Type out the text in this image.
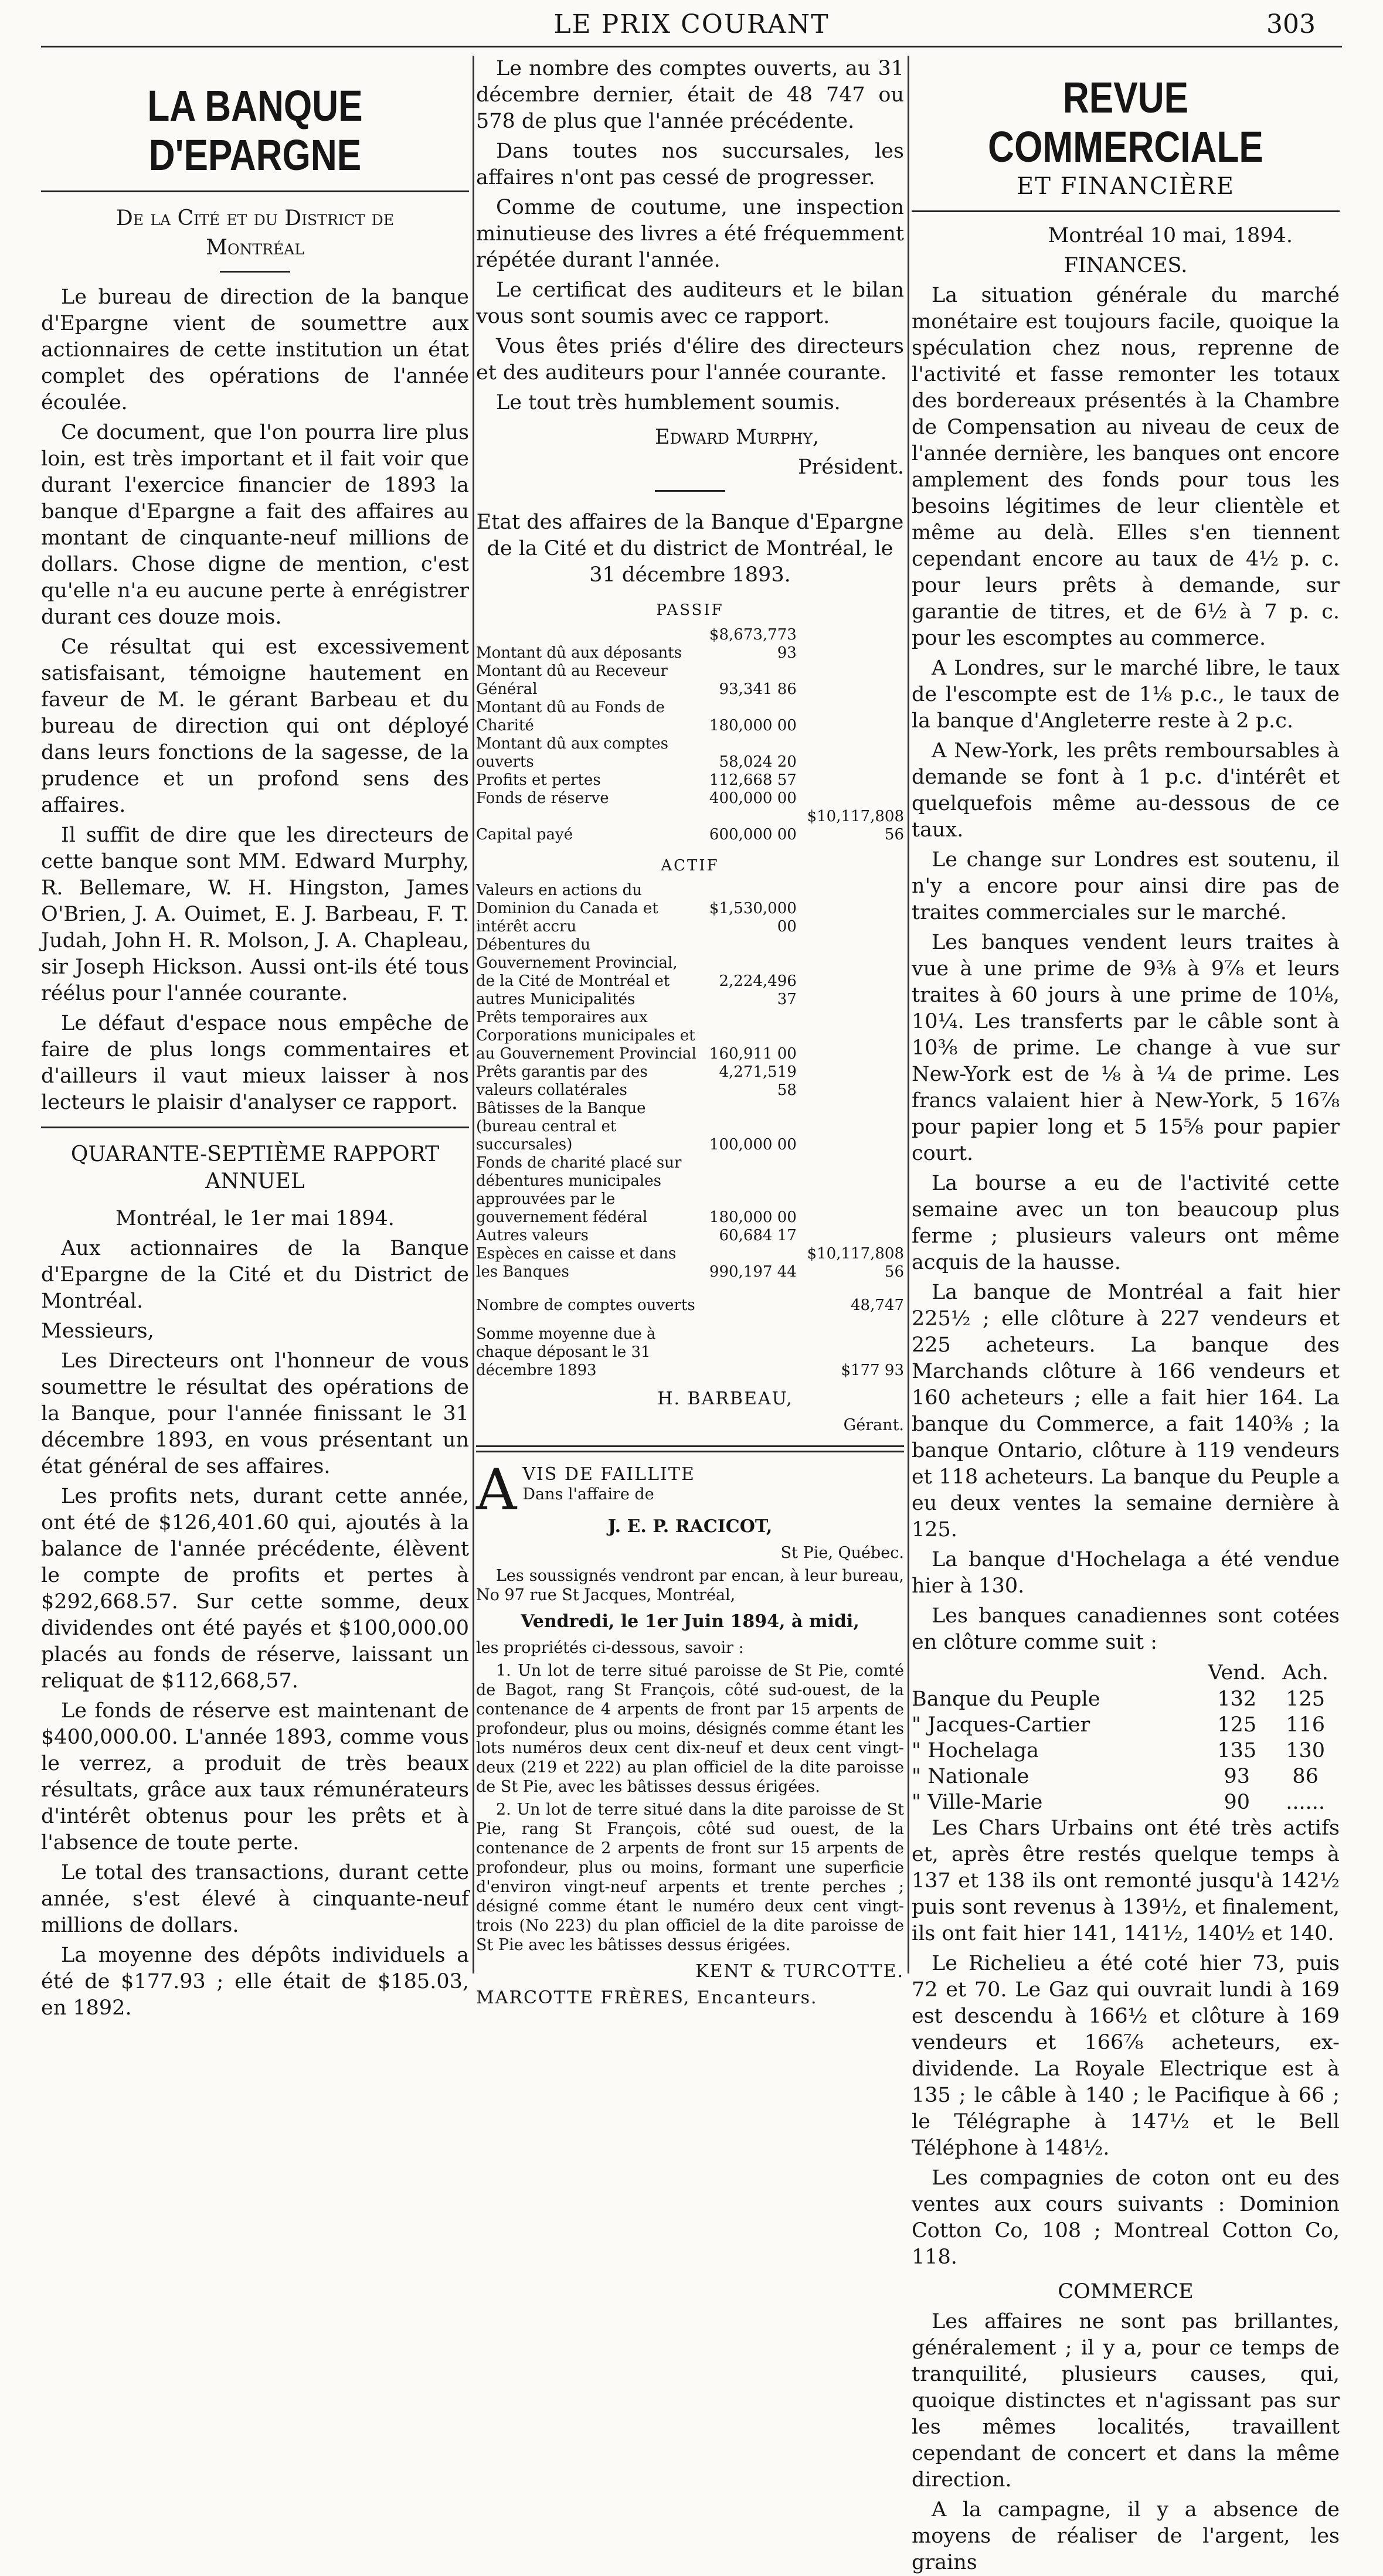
LE PRIX COURANT	303
LA BANQUE D'EPARGNE
De la Cité et du District de
Montréal

Le bureau de direction de la banque d'Epargne vient de soumettre aux actionnaires de cette institution un état complet des opérations de l'année écoulée.

Ce document, que l'on pourra lire plus loin, est très important et il fait voir que durant l'exercice financier de 1893 la banque d'Epargne a fait des affaires au montant de cinquante-neuf millions de dollars. Chose digne de mention, c'est qu'elle n'a eu aucune perte à enrégistrer durant ces douze mois.

Ce résultat qui est excessivement satisfaisant, témoigne hautement en faveur de M. le gérant Barbeau et du bureau de direction qui ont déployé dans leurs fonctions de la sagesse, de la prudence et un profond sens des affaires.

Il suffit de dire que les directeurs de cette banque sont MM. Edward Murphy, R. Bellemare, W. H. Hingston, James O'Brien, J. A. Ouimet, E. J. Barbeau, F. T. Judah, John H. R. Molson, J. A. Chapleau, sir Joseph Hickson. Aussi ont-ils été tous réélus pour l'année courante.

Le défaut d'espace nous empêche de faire de plus longs commentaires et d'ailleurs il vaut mieux laisser à nos lecteurs le plaisir d'analyser ce rapport.

QUARANTE-SEPTIÈME RAPPORT ANNUEL

Montréal, le 1er mai 1894.

Aux actionnaires de la Banque d'Epargne de la Cité et du District de Montréal.

Messieurs,

Les Directeurs ont l'honneur de vous soumettre le résultat des opérations de la Banque, pour l'année finissant le 31 décembre 1893, en vous présentant un état général de ses affaires.

Les profits nets, durant cette année, ont été de $126,401.60 qui, ajoutés à la balance de l'année précédente, élèvent le compte de profits et pertes à $292,668.57. Sur cette somme, deux dividendes ont été payés et $100,000.00 placés au fonds de réserve, laissant un reliquat de $112,668,57.

Le fonds de réserve est maintenant de $400,000.00. L'année 1893, comme vous le verrez, a produit de très beaux résultats, grâce aux taux rémunérateurs d'intérêt obtenus pour les prêts et à l'absence de toute perte.

Le total des transactions, durant cette année, s'est élevé à cinquante-neuf millions de dollars.

La moyenne des dépôts individuels a été de $177.93 ; elle était de $185.03, en 1892.

Le nombre des comptes ouverts, au 31 décembre dernier, était de 48 747 ou 578 de plus que l'année précédente.

Dans toutes nos succursales, les affaires n'ont pas cessé de progresser.

Comme de coutume, une inspection minutieuse des livres a été fréquemment répétée durant l'année.

Le certificat des auditeurs et le bilan vous sont soumis avec ce rapport.

Vous êtes priés d'élire des directeurs et des auditeurs pour l'année courante.

Le tout très humblement soumis.

Edward Murphy,

Président.

Etat des affaires de la Banque d'Epargne de la Cité et du district de Montréal, le 31 décembre 1893.

PASSIF
Montant dû aux déposants	$8,673,773 93	
Montant dû au Receveur Général	93,341 86	
Montant dû au Fonds de Charité	180,000 00	
Montant dû aux comptes ouverts	58,024 20	
Profits et pertes	112,668 57	
Fonds de réserve	400,000 00	
Capital payé	600,000 00	$10,117,808 56
ACTIF
Valeurs en actions du Dominion du Canada et intérêt accru	$1,530,000 00	
Débentures du Gouvernement Provincial, de la Cité de Montréal et autres Municipalités	2,224,496 37	
Prêts temporaires aux Corporations municipales et au Gouvernement Provincial	160,911 00	
Prêts garantis par des valeurs collatérales	4,271,519 58	
Bâtisses de la Banque (bureau central et succursales)	100,000 00	
Fonds de charité placé sur débentures municipales approuvées par le gouvernement fédéral	180,000 00	
Autres valeurs	60,684 17	
Espèces en caisse et dans les Banques	990,197 44	$10,117,808 56
Nombre de comptes ouverts		48,747

Somme moyenne due à chaque déposant le 31 décembre 1893		$177 93

H. BARBEAU,

Gérant.

A VIS DE FAILLITE

Dans l'affaire de

J. E. P. RACICOT,

St Pie, Québec.

Les soussignés vendront par encan, à leur bureau, No 97 rue St Jacques, Montréal,

Vendredi, le 1er Juin 1894, à midi,

les propriétés ci-dessous, savoir :

1. Un lot de terre situé paroisse de St Pie, comté de Bagot, rang St François, côté sud-ouest, de la contenance de 4 arpents de front par 15 arpents de profondeur, plus ou moins, désignés comme étant les lots numéros deux cent dix-neuf et deux cent vingt-deux (219 et 222) au plan officiel de la dite paroisse de St Pie, avec les bâtisses dessus érigées.

2. Un lot de terre situé dans la dite paroisse de St Pie, rang St François, côté sud ouest, de la contenance de 2 arpents de front sur 15 arpents de profondeur, plus ou moins, formant une superficie d'environ vingt-neuf arpents et trente perches ; désigné comme étant le numéro deux cent vingt-trois (No 223) du plan officiel de la dite paroisse de St Pie avec les bâtisses dessus érigées.

KENT & TURCOTTE.

MARCOTTE FRÈRES, Encanteurs.

REVUE COMMERCIALE
ET FINANCIÈRE

Montréal 10 mai, 1894.

FINANCES.

La situation générale du marché monétaire est toujours facile, quoique la spéculation chez nous, reprenne de l'activité et fasse remonter les totaux des bordereaux présentés à la Chambre de Compensation au niveau de ceux de l'année dernière, les banques ont encore amplement des fonds pour tous les besoins légitimes de leur clientèle et même au delà. Elles s'en tiennent cependant encore au taux de 4½ p. c. pour leurs prêts à demande, sur garantie de titres, et de 6½ à 7 p. c. pour les escomptes au commerce.

A Londres, sur le marché libre, le taux de l'escompte est de 1⅛ p.c., le taux de la banque d'Angleterre reste à 2 p.c.

A New-York, les prêts remboursables à demande se font à 1 p.c. d'intérêt et quelquefois même au-dessous de ce taux.

Le change sur Londres est soutenu, il n'y a encore pour ainsi dire pas de traites commerciales sur le marché.

Les banques vendent leurs traites à vue à une prime de 9⅜ à 9⅞ et leurs traites à 60 jours à une prime de 10⅛, 10¼. Les transferts par le câble sont à 10⅜ de prime. Le change à vue sur New-York est de ⅛ à ¼ de prime. Les francs valaient hier à New-York, 5 16⅞ pour papier long et 5 15⅝ pour papier court.

La bourse a eu de l'activité cette semaine avec un ton beaucoup plus ferme ; plusieurs valeurs ont même acquis de la hausse.

La banque de Montréal a fait hier 225½ ; elle clôture à 227 vendeurs et 225 acheteurs. La banque des Marchands clôture à 166 vendeurs et 160 acheteurs ; elle a fait hier 164. La banque du Commerce, a fait 140⅜ ; la banque Ontario, clôture à 119 vendeurs et 118 acheteurs. La banque du Peuple a eu deux ventes la semaine dernière à 125.

La banque d'Hochelaga a été vendue hier à 130.

Les banques canadiennes sont cotées en clôture comme suit :

	Vend.	Ach.
Banque du Peuple	132	125
" Jacques-Cartier	125	116
" Hochelaga	135	130
" Nationale	93	86
" Ville-Marie	90	......

Les Chars Urbains ont été très actifs et, après être restés quelque temps à 137 et 138 ils ont remonté jusqu'à 142½ puis sont revenus à 139½, et finalement, ils ont fait hier 141, 141½, 140½ et 140.

Le Richelieu a été coté hier 73, puis 72 et 70. Le Gaz qui ouvrait lundi à 169 est descendu à 166½ et clôture à 169 vendeurs et 166⅞ acheteurs, ex-dividende. La Royale Electrique est à 135 ; le câble à 140 ; le Pacifique à 66 ; le Télégraphe à 147½ et le Bell Téléphone à 148½.

Les compagnies de coton ont eu des ventes aux cours suivants : Dominion Cotton Co, 108 ; Montreal Cotton Co, 118.

COMMERCE

Les affaires ne sont pas brillantes, généralement ; il y a, pour ce temps de tranquilité, plusieurs causes, qui, quoique distinctes et n'agissant pas sur les mêmes localités, travaillent cependant de concert et dans la même direction.

A la campagne, il y a absence de moyens de réaliser de l'argent, les grains
